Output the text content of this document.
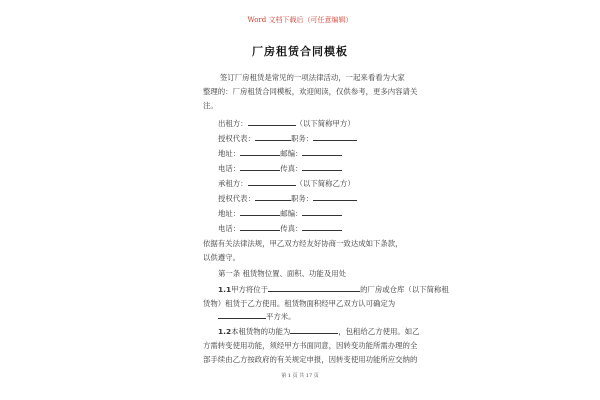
Word 文档下载后（可任意编辑）
厂房租赁合同模板
签订厂房租赁是常见的一项法律活动，一起来看看为大家
整理的：厂房租赁合同模板，欢迎阅读，仅供参考，更多内容请关
注。
出租方：	（以下简称甲方）
授权代表：	职务：
地址：	邮编：
电话：	传真：
承租方：	（以下简称乙方）
授权代表：	职务：
地址：	邮编：
电话：	传真：
依据有关法律法规，甲乙双方经友好协商一致达成如下条款，
以供遵守。
第一条 租赁物位置、面积、功能及用处
1.1甲方将位于	的厂房或仓库（以下简称租
赁物）租赁于乙方使用。租赁物面积经甲乙双方认可确定为
平方米。
1.2本租赁物的功能为	，包租给乙方使用。如乙
方需转变使用功能，须经甲方书面同意，因转变功能所需办理的全
部手续由乙方按政府的有关规定申报，因转变使用功能所应交纳的
第 1 页 共 17 页
